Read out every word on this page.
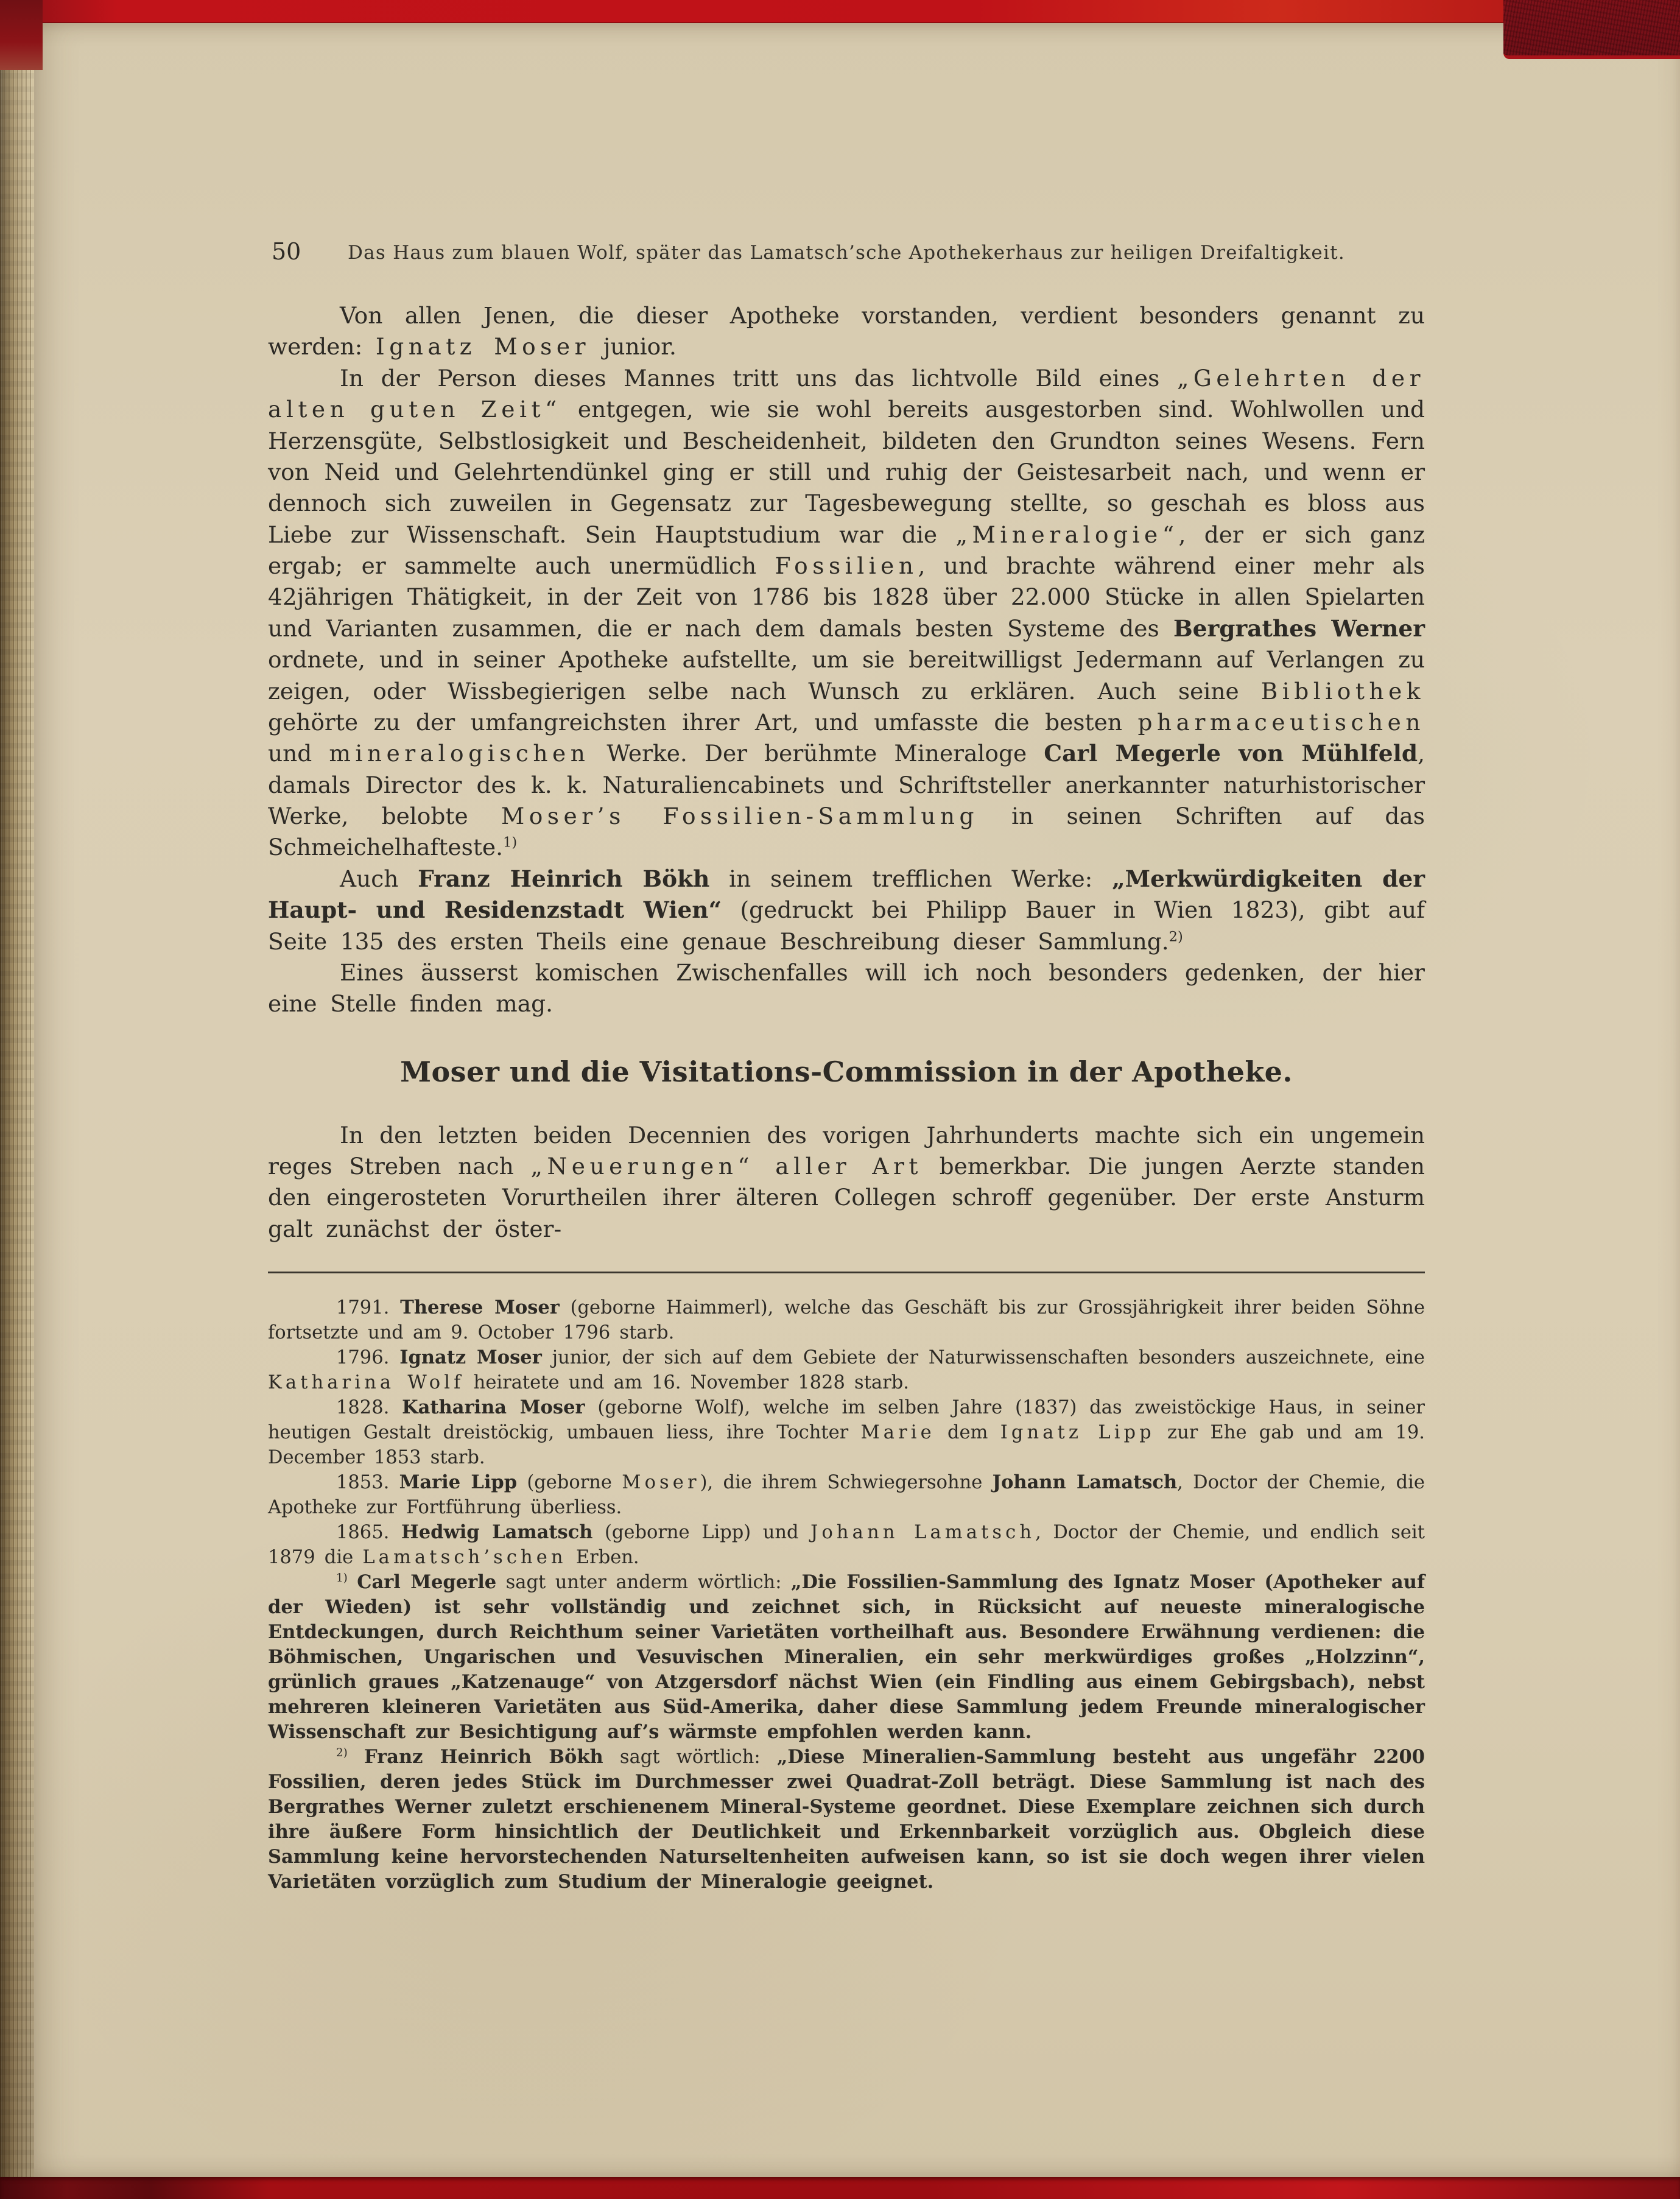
50	Das Haus zum blauen Wolf, später das Lamatsch’sche Apothekerhaus zur heiligen Dreifaltigkeit.

Von allen Jenen, die dieser Apotheke vorstanden, verdient besonders genannt zu werden: Ignatz Moser junior.

In der Person dieses Mannes tritt uns das lichtvolle Bild eines „Gelehrten der alten guten Zeit“ entgegen, wie sie wohl bereits ausgestorben sind. Wohlwollen und Herzensgüte, Selbstlosigkeit und Bescheidenheit, bildeten den Grundton seines Wesens. Fern von Neid und Gelehrtendünkel ging er still und ruhig der Geistesarbeit nach, und wenn er dennoch sich zuweilen in Gegensatz zur Tagesbewegung stellte, so geschah es bloss aus Liebe zur Wissenschaft. Sein Hauptstudium war die „Mineralogie“, der er sich ganz ergab; er sammelte auch unermüdlich Fossilien, und brachte während einer mehr als 42jährigen Thätigkeit, in der Zeit von 1786 bis 1828 über 22.000 Stücke in allen Spielarten und Varianten zusammen, die er nach dem damals besten Systeme des Bergrathes Werner ordnete, und in seiner Apotheke aufstellte, um sie bereitwilligst Jedermann auf Verlangen zu zeigen, oder Wissbegierigen selbe nach Wunsch zu erklären. Auch seine Bibliothek gehörte zu der umfangreichsten ihrer Art, und umfasste die besten pharmaceutischen und mineralogischen Werke. Der berühmte Mineraloge Carl Megerle von Mühlfeld, damals Director des k. k. Naturaliencabinets und Schriftsteller anerkannter naturhistorischer Werke, belobte Moser’s Fossilien-Sammlung in seinen Schriften auf das Schmeichelhafteste.$^{1)}$

Auch Franz Heinrich Bökh in seinem trefflichen Werke: „Merkwürdigkeiten der Haupt- und Residenzstadt Wien“ (gedruckt bei Philipp Bauer in Wien 1823), gibt auf Seite 135 des ersten Theils eine genaue Beschreibung dieser Sammlung.$^{2)}$

Eines äusserst komischen Zwischenfalles will ich noch besonders gedenken, der hier eine Stelle finden mag.

Moser und die Visitations-Commission in der Apotheke.

In den letzten beiden Decennien des vorigen Jahrhunderts machte sich ein ungemein reges Streben nach „Neuerungen“ aller Art bemerkbar. Die jungen Aerzte standen den eingerosteten Vorurtheilen ihrer älteren Collegen schroff gegenüber. Der erste Ansturm galt zunächst der öster-

1791. Therese Moser (geborne Haimmerl), welche das Geschäft bis zur Grossjährigkeit ihrer beiden Söhne fortsetzte und am 9. October 1796 starb.

1796. Ignatz Moser junior, der sich auf dem Gebiete der Naturwissenschaften besonders auszeichnete, eine Katharina Wolf heiratete und am 16. November 1828 starb.

1828. Katharina Moser (geborne Wolf), welche im selben Jahre (1837) das zweistöckige Haus, in seiner heutigen Gestalt dreistöckig, umbauen liess, ihre Tochter Marie dem Ignatz Lipp zur Ehe gab und am 19. December 1853 starb.

1853. Marie Lipp (geborne Moser), die ihrem Schwiegersohne Johann Lamatsch, Doctor der Chemie, die Apotheke zur Fortführung überliess.

1865. Hedwig Lamatsch (geborne Lipp) und Johann Lamatsch, Doctor der Chemie, und endlich seit 1879 die Lamatsch’schen Erben.

$^{1)}$ Carl Megerle sagt unter anderm wörtlich: „Die Fossilien-Sammlung des Ignatz Moser (Apotheker auf der Wieden) ist sehr vollständig und zeichnet sich, in Rücksicht auf neueste mineralogische Entdeckungen, durch Reichthum seiner Varietäten vortheilhaft aus. Besondere Erwähnung verdienen: die Böhmischen, Ungarischen und Vesuvischen Mineralien, ein sehr merkwürdiges großes „Holzzinn“, grünlich graues „Katzenauge“ von Atzgersdorf nächst Wien (ein Findling aus einem Gebirgsbach), nebst mehreren kleineren Varietäten aus Süd-Amerika, daher diese Sammlung jedem Freunde mineralogischer Wissenschaft zur Besichtigung auf’s wärmste empfohlen werden kann.

$^{2)}$ Franz Heinrich Bökh sagt wörtlich: „Diese Mineralien-Sammlung besteht aus ungefähr 2200 Fossilien, deren jedes Stück im Durchmesser zwei Quadrat-Zoll beträgt. Diese Sammlung ist nach des Bergrathes Werner zuletzt erschienenem Mineral-Systeme geordnet. Diese Exemplare zeichnen sich durch ihre äußere Form hinsichtlich der Deutlichkeit und Erkennbarkeit vorzüglich aus. Obgleich diese Sammlung keine hervorstechenden Naturseltenheiten aufweisen kann, so ist sie doch wegen ihrer vielen Varietäten vorzüglich zum Studium der Mineralogie geeignet.
